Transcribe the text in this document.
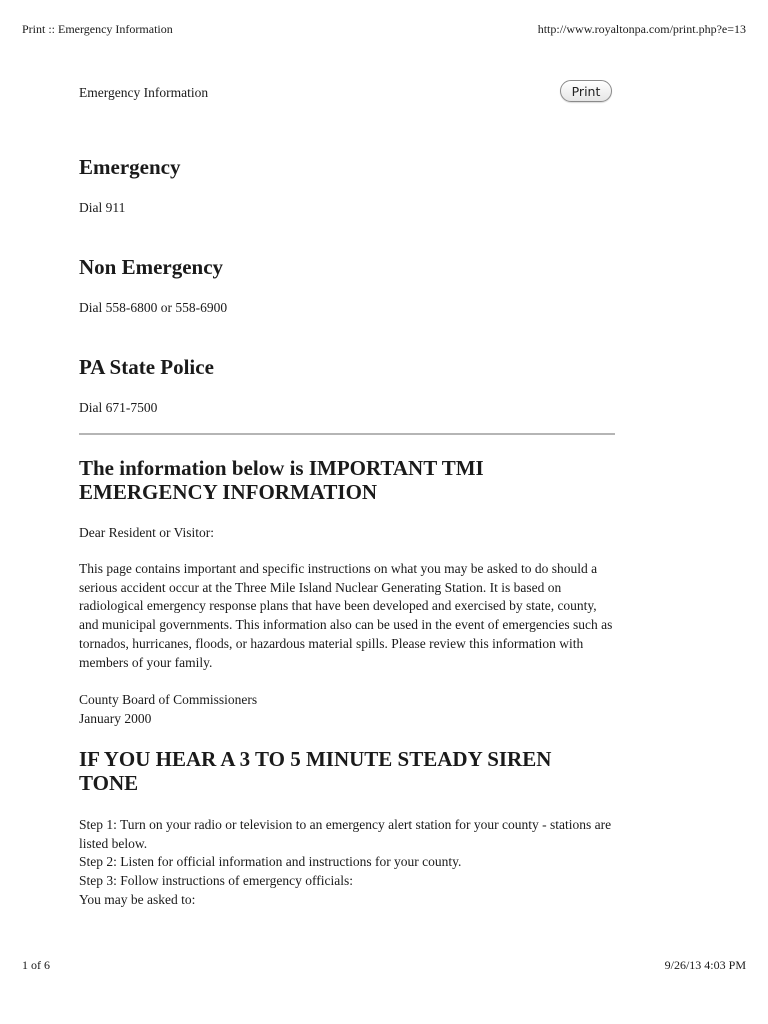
Print :: Emergency Information	http://www.royaltonpa.com/print.php?e=13
Emergency Information	Print
Emergency

Dial 911

Non Emergency

Dial 558-6800 or 558-6900

PA State Police

Dial 671-7500

The information below is IMPORTANT TMI EMERGENCY INFORMATION

Dear Resident or Visitor:

This page contains important and specific instructions on what you may be asked to do should a serious accident occur at the Three Mile Island Nuclear Generating Station. It is based on radiological emergency response plans that have been developed and exercised by state, county, and municipal governments. This information also can be used in the event of emergencies such as tornados, hurricanes, floods, or hazardous material spills. Please review this information with members of your family.

County Board of Commissioners

January 2000

IF YOU HEAR A 3 TO 5 MINUTE STEADY SIREN TONE

Step 1: Turn on your radio or television to an emergency alert station for your county - stations are listed below.

Step 2: Listen for official information and instructions for your county.

Step 3: Follow instructions of emergency officials:

You may be asked to:

1 of 6	9/26/13 4:03 PM
